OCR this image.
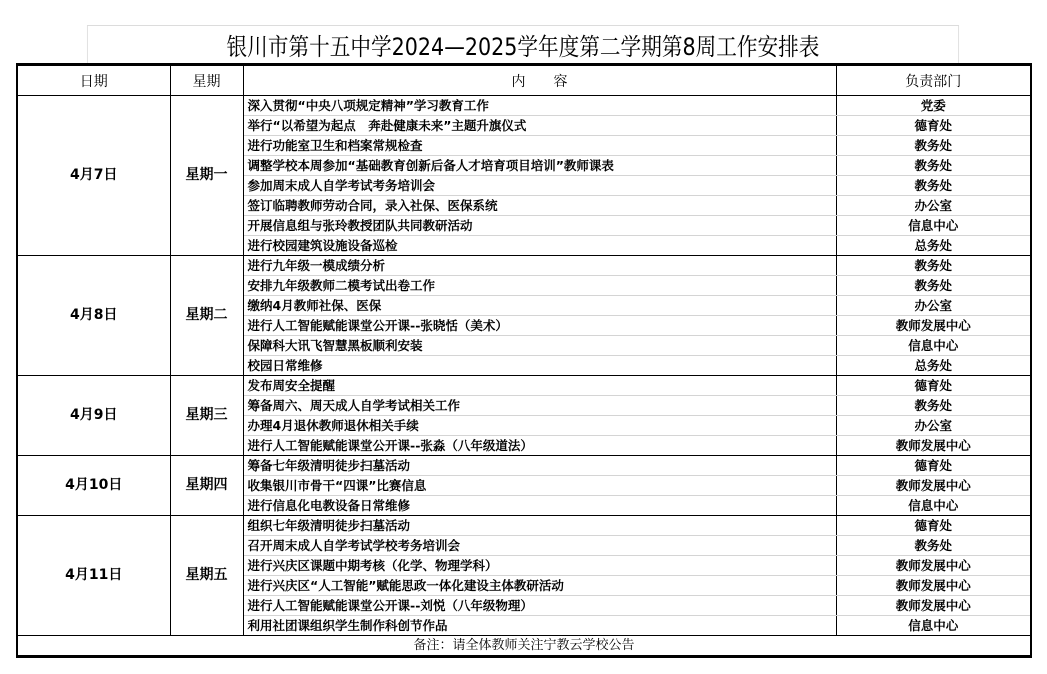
银川市第十五中学2024—2025学年度第二学期第8周工作安排表
日期	星期	内　　容	负责部门
4月7日	星期一	深入贯彻“中央八项规定精神”学习教育工作	党委
		举行“以希望为起点　奔赴健康未来”主题升旗仪式	德育处
		进行功能室卫生和档案常规检查	教务处
		调整学校本周参加“基础教育创新后备人才培育项目培训”教师课表	教务处
		参加周末成人自学考试考务培训会	教务处
		签订临聘教师劳动合同，录入社保、医保系统	办公室
		开展信息组与张玲教授团队共同教研活动	信息中心
		进行校园建筑设施设备巡检	总务处
4月8日	星期二	进行九年级一模成绩分析	教务处
		安排九年级教师二模考试出卷工作	教务处
		缴纳4月教师社保、医保	办公室
		进行人工智能赋能课堂公开课--张晓恬（美术）	教师发展中心
		保障科大讯飞智慧黑板顺利安装	信息中心
		校园日常维修	总务处
4月9日	星期三	发布周安全提醒	德育处
		筹备周六、周天成人自学考试相关工作	教务处
		办理4月退休教师退休相关手续	办公室
		进行人工智能赋能课堂公开课--张淼（八年级道法）	教师发展中心
4月10日	星期四	筹备七年级清明徒步扫墓活动	德育处
		收集银川市骨干“四课”比赛信息	教师发展中心
		进行信息化电教设备日常维修	信息中心
4月11日	星期五	组织七年级清明徒步扫墓活动	德育处
		召开周末成人自学考试学校考务培训会	教务处
		进行兴庆区课题中期考核（化学、物理学科）	教师发展中心
		进行兴庆区“人工智能”赋能思政一体化建设主体教研活动	教师发展中心
		进行人工智能赋能课堂公开课--刘悦（八年级物理）	教师发展中心
		利用社团课组织学生制作科创节作品	信息中心
备注：请全体教师关注宁教云学校公告			
